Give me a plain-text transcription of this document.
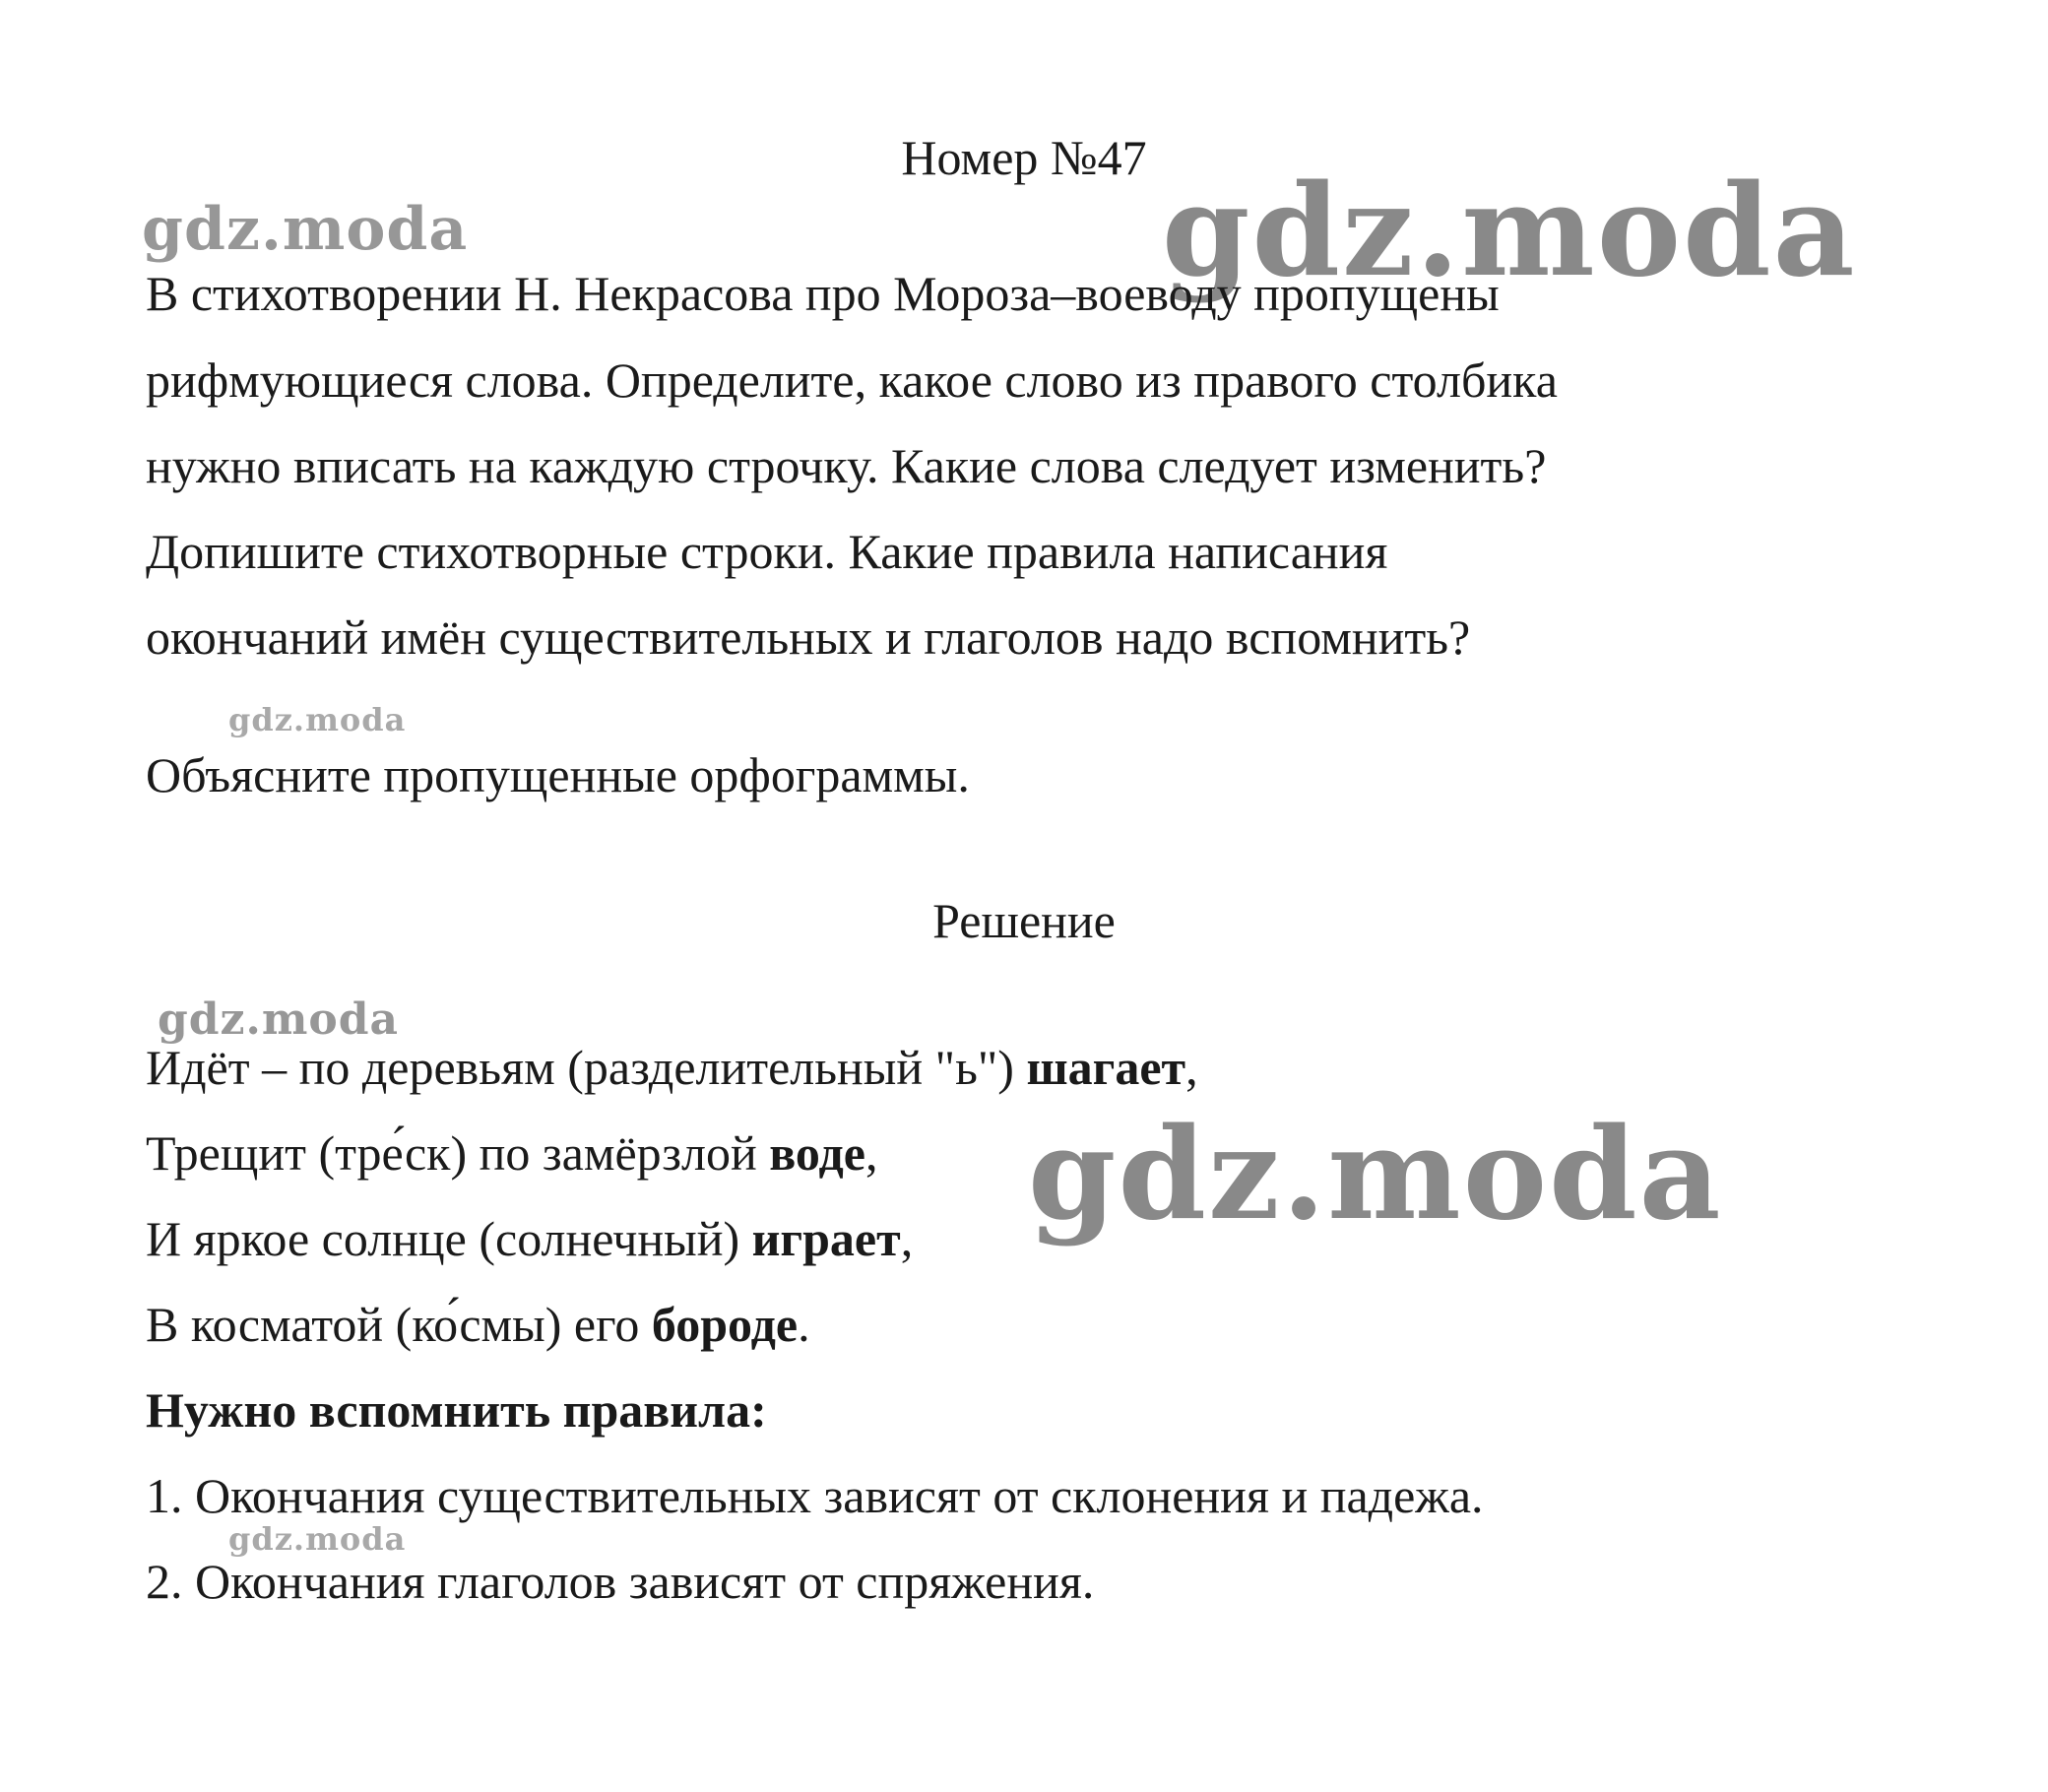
gdz.moda	gdz.moda
gdz.moda
gdz.moda
gdz.moda
gdz.moda
Номер №47
В стихотворении Н. Некрасова про Мороза–воеводу пропущены
рифмующиеся слова. Определите, какое слово из правого столбика
нужно вписать на каждую строчку. Какие слова следует изменить?
Допишите стихотворные строки. Какие правила написания
окончаний имён существительных и глаголов надо вспомнить?
Объясните пропущенные орфограммы.
Решение
Идёт – по деревьям (разделительный "ь") шагает,
Трещит (тре́ск) по замёрзлой воде,
И яркое солнце (солнечный) играет,
В косматой (ко́смы) его бороде.
Нужно вспомнить правила:
1. Окончания существительных зависят от склонения и падежа.
2. Окончания глаголов зависят от спряжения.
